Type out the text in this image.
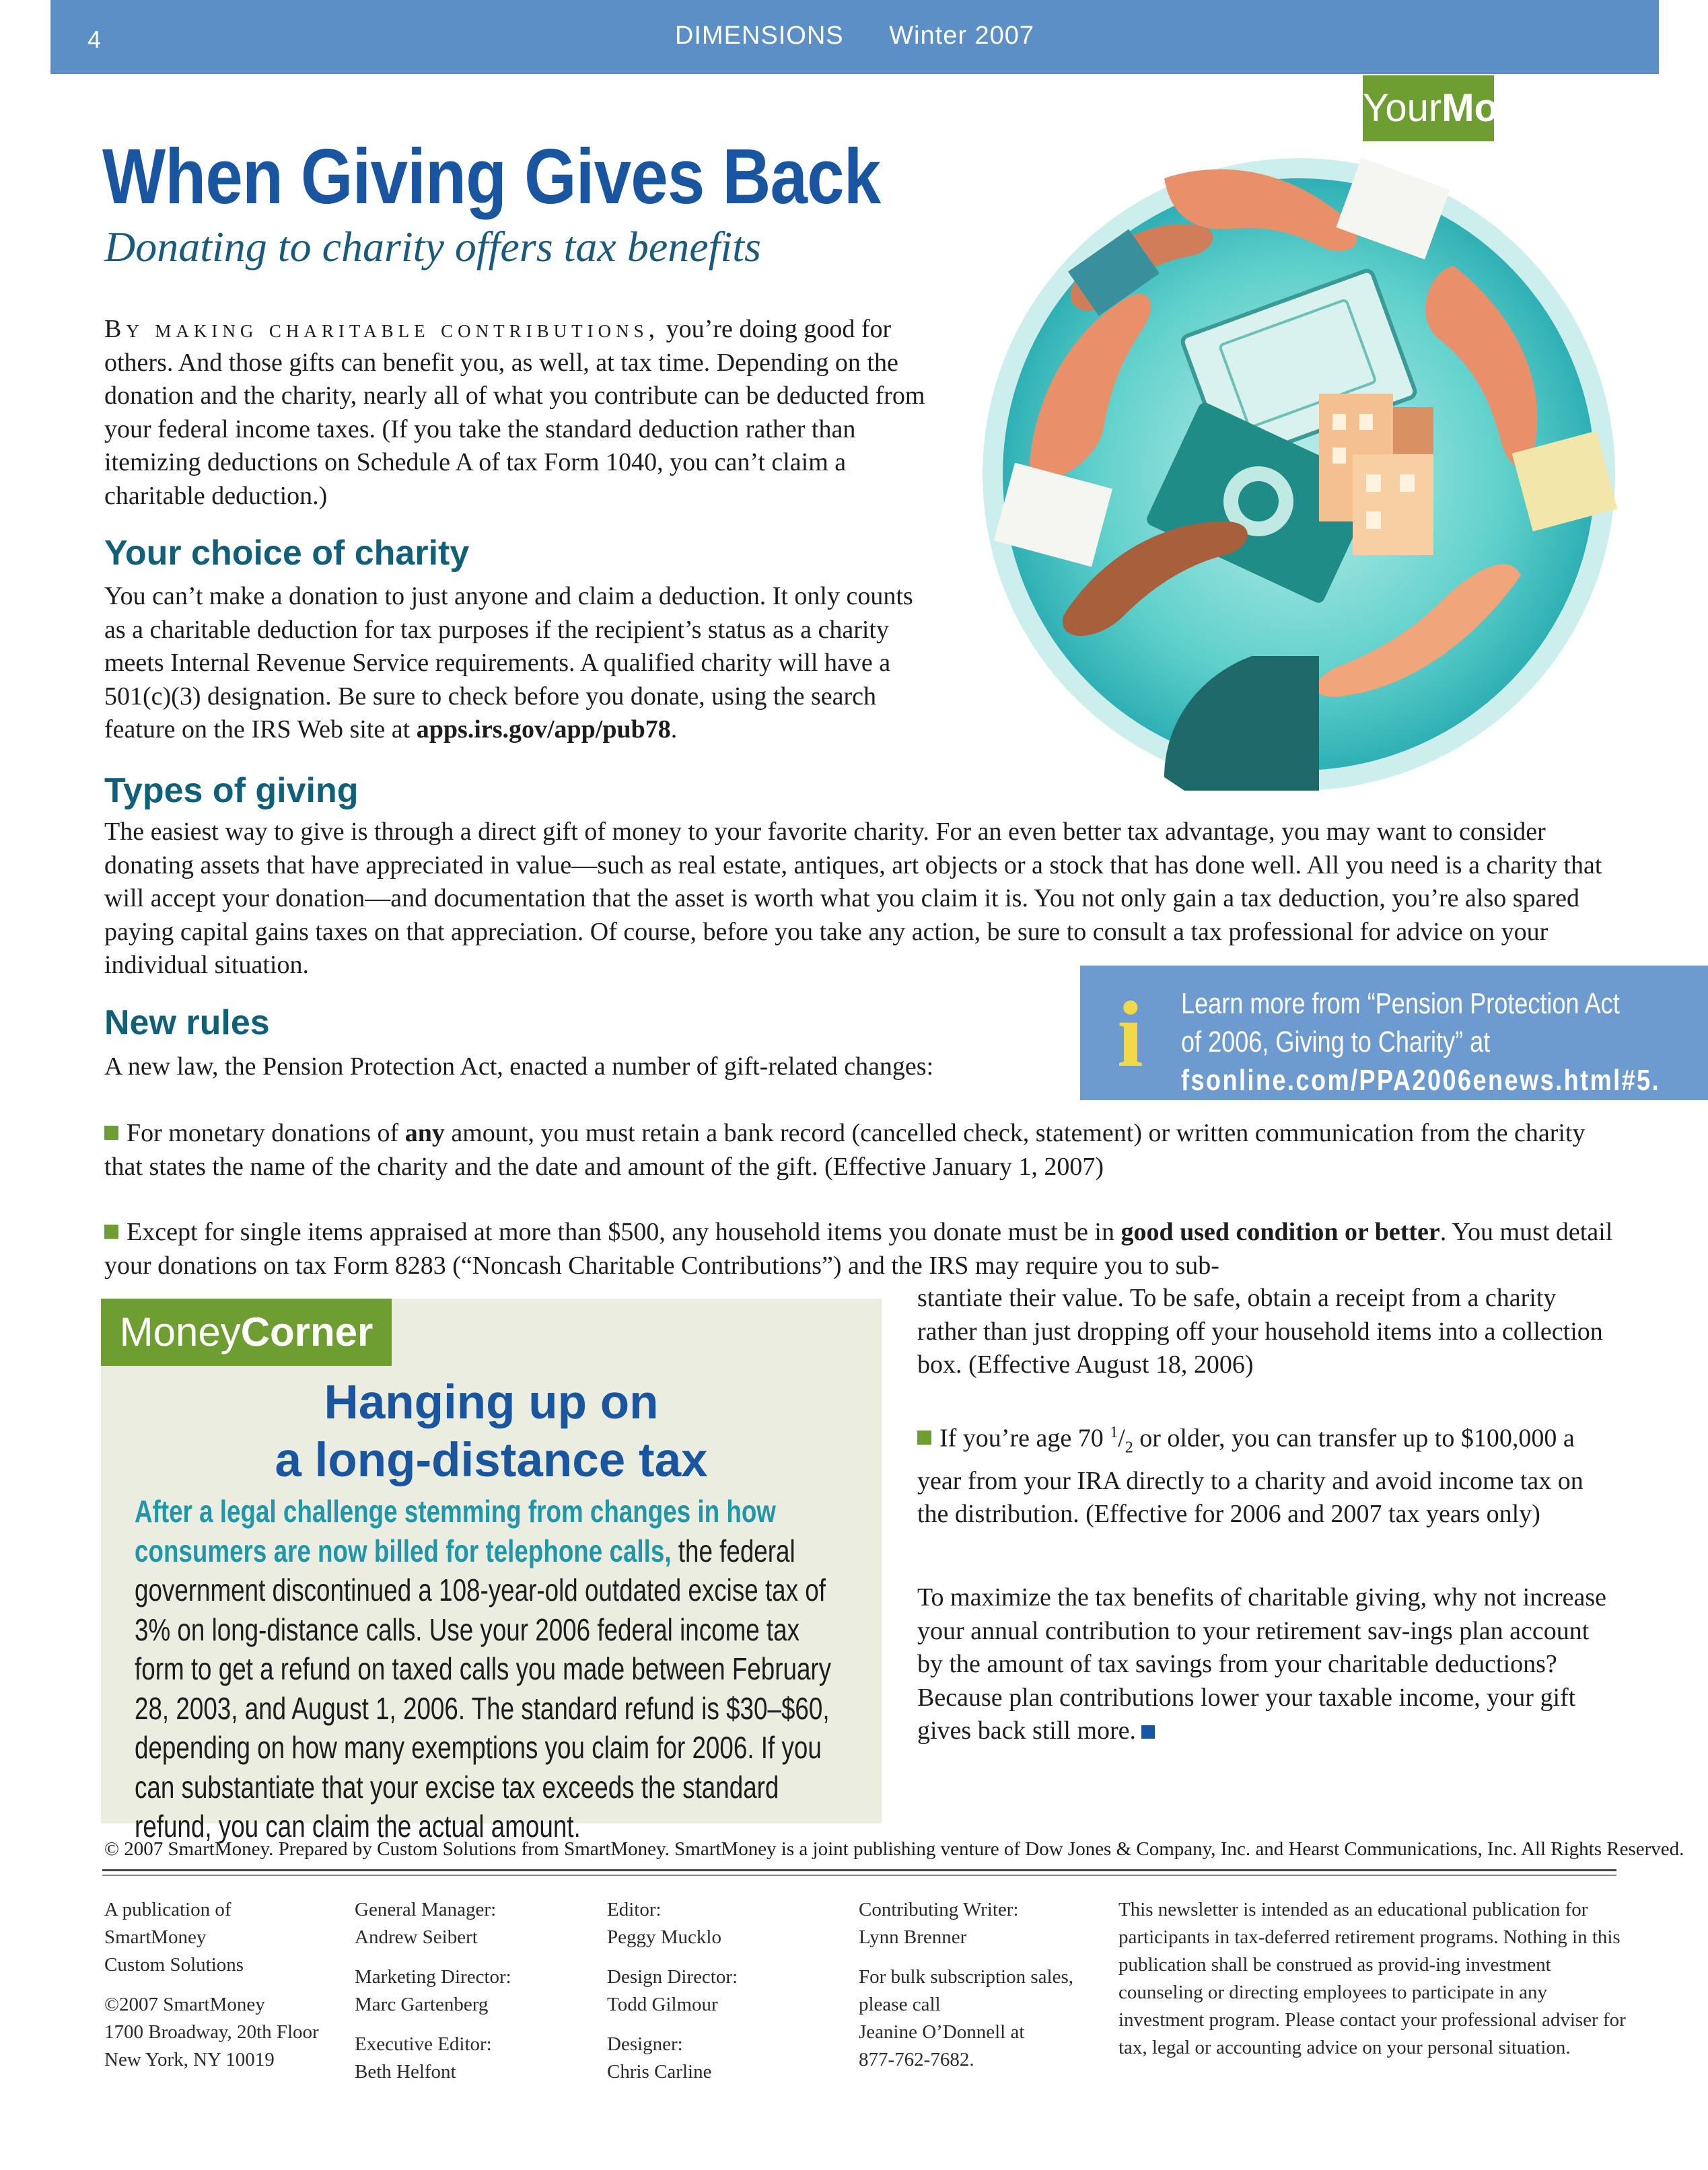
4	DIMENSIONS Winter 2007
YourMoney
When Giving Gives Back
Donating to charity offers tax benefits
By making charitable contributions, you’re doing good for others. And those gifts can benefit you, as well, at tax time. Depending on the donation and the charity, nearly all of what you contribute can be deducted from your federal income taxes. (If you take the standard deduction rather than itemizing deductions on Schedule A of tax Form 1040, you can’t claim a charitable deduction.)
Your choice of charity
You can’t make a donation to just anyone and claim a deduction. It only counts as a charitable deduction for tax purposes if the recipient’s status as a charity meets Internal Revenue Service requirements. A qualified charity will have a 501(c)(3) designation. Be sure to check before you donate, using the search feature on the IRS Web site at apps.irs.gov/app/pub78.
Types of giving
The easiest way to give is through a direct gift of money to your favorite charity. For an even better tax advantage, you may want to consider donating assets that have appreciated in value—such as real estate, antiques, art objects or a stock that has done well. All you need is a charity that will accept your donation—and documentation that the asset is worth what you claim it is. You not only gain a tax deduction, you’re also spared paying capital gains taxes on that appreciation. Of course, before you take any action, be sure to consult a tax professional for advice on your individual situation.
New rules
A new law, the Pension Protection Act, enacted a number of gift-related changes:	i Learn more from “Pension Protection Act
of 2006, Giving to Charity” at
fsonline.com/PPA2006enews.html#5.
For monetary donations of any amount, you must retain a bank record (cancelled check, statement) or written communication from the charity that states the name of the charity and the date and amount of the gift. (Effective January 1, 2007)
Except for single items appraised at more than $500, any household items you donate must be in good used condition or better. You must detail your donations on tax Form 8283 (“Noncash Charitable Contributions”) and the IRS may require you to sub-
stantiate their value. To be safe, obtain a receipt from a charity rather than just dropping off your household items into a collection box. (Effective August 18, 2006)
If you’re age 70 $^1/_2$ or older, you can transfer up to $100,000 a year from your IRA directly to a charity and avoid income tax on the distribution. (Effective for 2006 and 2007 tax years only)
To maximize the tax benefits of charitable giving, why not increase your annual contribution to your retirement sav-ings plan account by the amount of tax savings from your charitable deductions? Because plan contributions lower your taxable income, your gift gives back still more.
MoneyCorner
Hanging up on
a long-distance tax
After a legal challenge stemming from changes in how consumers are now billed for telephone calls, the federal government discontinued a 108-year-old outdated excise tax of 3% on long-distance calls. Use your 2006 federal income tax form to get a refund on taxed calls you made between February 28, 2003, and August 1, 2006. The standard refund is $30–$60, depending on how many exemptions you claim for 2006. If you can substantiate that your excise tax exceeds the standard refund, you can claim the actual amount.
© 2007 SmartMoney. Prepared by Custom Solutions from SmartMoney. SmartMoney is a joint publishing venture of Dow Jones & Company, Inc. and Hearst Communications, Inc. All Rights Reserved.
A publication of
SmartMoney
Custom Solutions
©2007 SmartMoney
1700 Broadway, 20th Floor
New York, NY 10019
General Manager:
Andrew Seibert
Marketing Director:
Marc Gartenberg
Executive Editor:
Beth Helfont
Editor:
Peggy Mucklo
Design Director:
Todd Gilmour
Designer:
Chris Carline
Contributing Writer:
Lynn Brenner
For bulk subscription sales,
please call
Jeanine O’Donnell at
877-762-7682.
This newsletter is intended as an educational publication for participants in tax-deferred retirement programs. Nothing in this publication shall be construed as provid-ing investment counseling or directing employees to participate in any investment program. Please contact your professional adviser for tax, legal or accounting advice on your personal situation.
